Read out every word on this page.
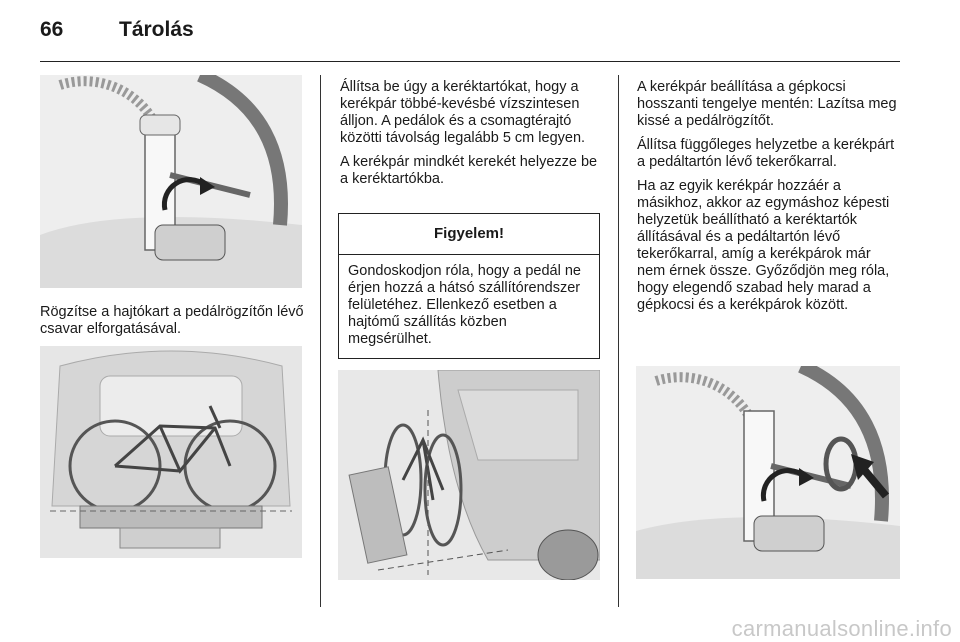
66	Tárolás

Rögzítse a hajtókart a pedálrögzítőn lévő csavar elforgatásával.

Állítsa be úgy a keréktartókat, hogy a kerékpár többé-kevésbé vízszintesen álljon. A pedálok és a csomagtérajtó közötti távolság legalább 5 cm legyen.

A kerékpár mindkét kerekét helyezze be a keréktartókba.

Figyelem!
Gondoskodjon róla, hogy a pedál ne érjen hozzá a hátsó szállítórendszer felületéhez. Ellenkező esetben a hajtómű szállítás közben megsérülhet.

A kerékpár beállítása a gépkocsi hosszanti tengelye mentén: Lazítsa meg kissé a pedálrögzítőt.

Állítsa függőleges helyzetbe a kerékpárt a pedáltartón lévő tekerőkarral.

Ha az egyik kerékpár hozzáér a másikhoz, akkor az egymáshoz képesti helyzetük beállítható a keréktartók állításával és a pedáltartón lévő tekerőkarral, amíg a kerékpárok már nem érnek össze. Győződjön meg róla, hogy elegendő szabad hely marad a gépkocsi és a kerékpárok között.

carmanualsonline.info
